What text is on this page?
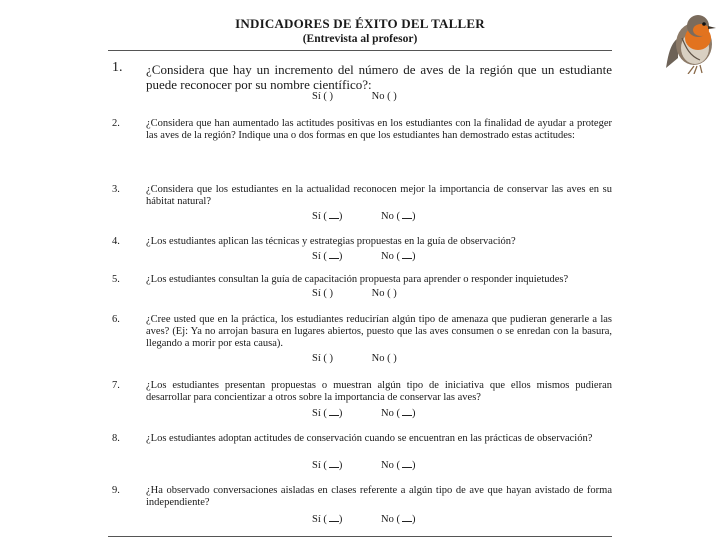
INDICADORES DE ÉXITO DEL TALLER
(Entrevista al profesor)
1.	¿Considera que hay un incremento del número de aves de la región que un estudiante puede reconocer por su nombre científico?:
Sí ( )	No ( )
2.	¿Considera que han aumentado las actitudes positivas en los estudiantes con la finalidad de ayudar a proteger las aves de la región? Indique una o dos formas en que los estudiantes han demostrado estas actitudes:
3.	¿Considera que los estudiantes en la actualidad reconocen mejor la importancia de conservar las aves en su hábitat natural?
Sí ( )	No ( )
4.	¿Los estudiantes aplican las técnicas y estrategias propuestas en la guía de observación?
Sí ( )	No ( )
5.	¿Los estudiantes consultan la guía de capacitación propuesta para aprender o responder inquietudes?
Sí ( )	No ( )
6.	¿Cree usted que en la práctica, los estudiantes reducirían algún tipo de amenaza que pudieran generarle a las aves? (Ej: Ya no arrojan basura en lugares abiertos, puesto que las aves consumen o se enredan con la basura, llegando a morir por esta causa).
Sí ( )	No ( )
7.	¿Los estudiantes presentan propuestas o muestran algún tipo de iniciativa que ellos mismos pudieran desarrollar para concientizar a otros sobre la importancia de conservar las aves?
Sí ( )	No ( )
8.	¿Los estudiantes adoptan actitudes de conservación cuando se encuentran en las prácticas de observación?
Sí ( )	No ( )
9.	¿Ha observado conversaciones aisladas en clases referente a algún tipo de ave que hayan avistado de forma independiente?
Sí ( )	No ( )
